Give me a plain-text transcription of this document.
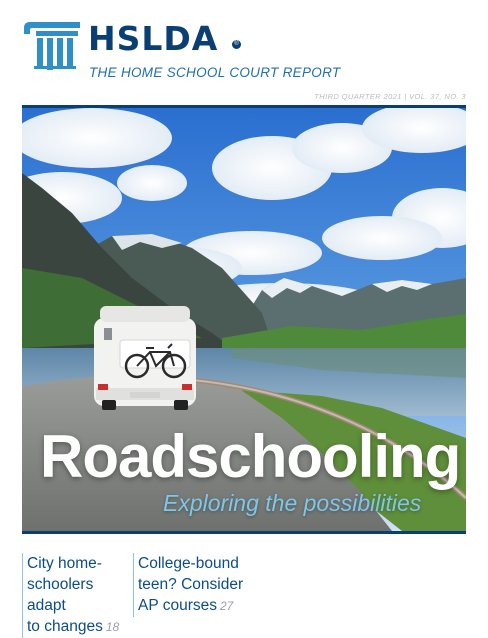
HSLDA	®
THE HOME SCHOOL COURT REPORT
THIRD QUARTER 2021 | VOL. 37, NO. 3
Roadschooling
Exploring the possibilities
City home-
schoolers adapt
to changes 18
College-bound
teen? Consider
AP courses 27
